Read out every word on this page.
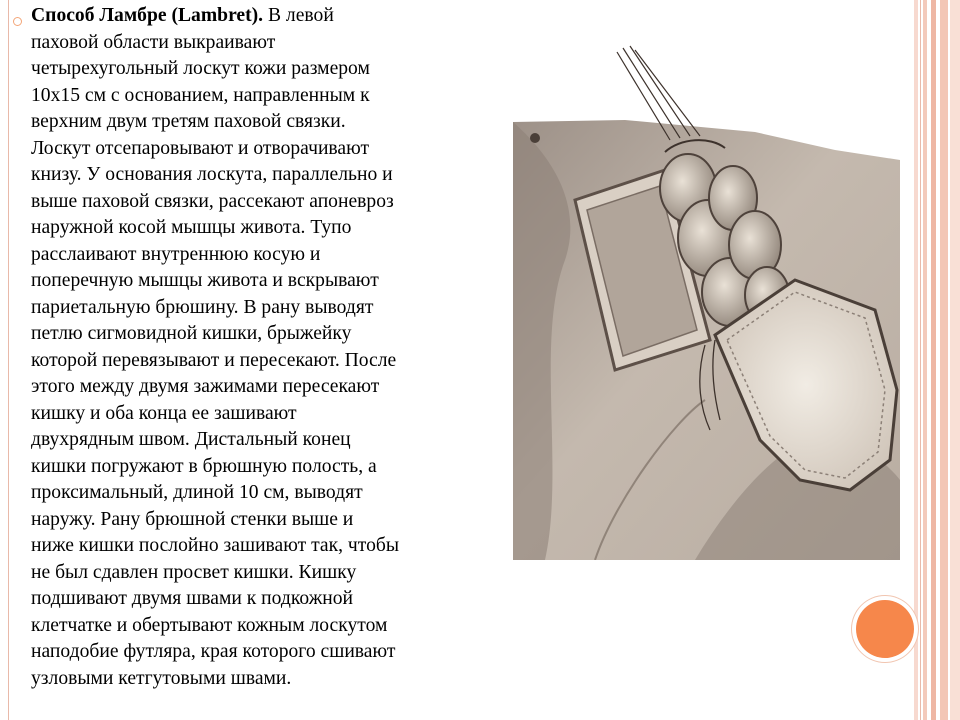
Способ Ламбре (Lambret). В левой
паховой области выкраивают
четырехугольный лоскут кожи размером
10х15 см с основанием, направленным к
верхним двум третям паховой связки.
Лоскут отсепаровывают и отворачивают
книзу. У основания лоскута, параллельно и
выше паховой связки, рассекают апоневроз
наружной косой мышцы живота. Тупо
расслаивают внутреннюю косую и
поперечную мышцы живота и вскрывают
париетальную брюшину. В рану выводят
петлю сигмовидной кишки, брыжейку
которой перевязывают и пересекают. После
этого между двумя зажимами пересекают
кишку и оба конца ее зашивают
двухрядным швом. Дистальный конец
кишки погружают в брюшную полость, а
проксимальный, длиной 10 см, выводят
наружу. Рану брюшной стенки выше и
ниже кишки послойно зашивают так, чтобы
не был сдавлен просвет кишки. Кишку
подшивают двумя швами к подкожной
клетчатке и обертывают кожным лоскутом
наподобие футляра, края которого сшивают
узловыми кетгутовыми швами.
